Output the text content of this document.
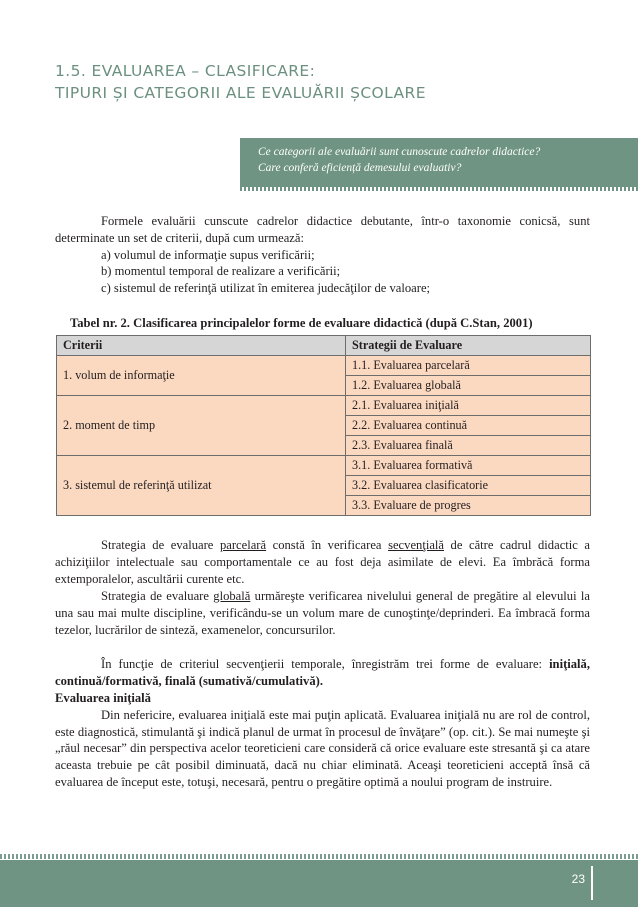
1.5. EVALUAREA – CLASIFICARE:
TIPURI ȘI CATEGORII ALE EVALUĂRII ȘCOLARE
Ce categorii ale evaluării sunt cunoscute cadrelor didactice?
Care conferă eficiență demesului evaluativ?
Formele evaluării cunscute cadrelor didactice debutante, într-o taxonomie conicsă, sunt determinate un set de criterii, după cum urmează:
a) volumul de informaţie supus verificării;
b) momentul temporal de realizare a verificării;
c) sistemul de referinţă utilizat în emiterea judecăţilor de valoare;
Tabel nr. 2. Clasificarea principalelor forme de evaluare didactică (după C.Stan, 2001)
Criterii	Strategii de Evaluare
1. volum de informaţie	1.1. Evaluarea parcelară
	1.2. Evaluarea globală
2. moment de timp	2.1. Evaluarea iniţială
	2.2. Evaluarea continuă
	2.3. Evaluarea finală
3. sistemul de referinţă utilizat	3.1. Evaluarea formativă
	3.2. Evaluarea clasificatorie
	3.3. Evaluare de progres
Strategia de evaluare parcelară constă în verificarea secvenţială de către cadrul didactic a achiziţiilor intelectuale sau comportamentale ce au fost deja asimilate de elevi. Ea îmbrăcă forma extemporalelor, ascultării curente etc.
Strategia de evaluare globală urmăreşte verificarea nivelului general de pregătire al elevului la una sau mai multe discipline, verificându-se un volum mare de cunoştinţe/deprinderi. Ea îmbracă forma tezelor, lucrărilor de sinteză, examenelor, concursurilor.
În funcţie de criteriul secvenţierii temporale, înregistrăm trei forme de evaluare: iniţială, continuă/formativă, finală (sumativă/cumulativă).
Evaluarea iniţială
Din nefericire, evaluarea iniţială este mai puţin aplicată. Evaluarea iniţială nu are rol de control, este diagnostică, stimulantă şi indică planul de urmat în procesul de învăţare” (op. cit.). Se mai numeşte şi „răul necesar” din perspectiva acelor teoreticieni care consideră că orice evaluare este stresantă şi ca atare aceasta trebuie pe cât posibil diminuată, dacă nu chiar eliminată. Aceaşi teoreticieni acceptă însă că evaluarea de început este, totuşi, necesară, pentru o pregătire optimă a noului program de instruire.
23
